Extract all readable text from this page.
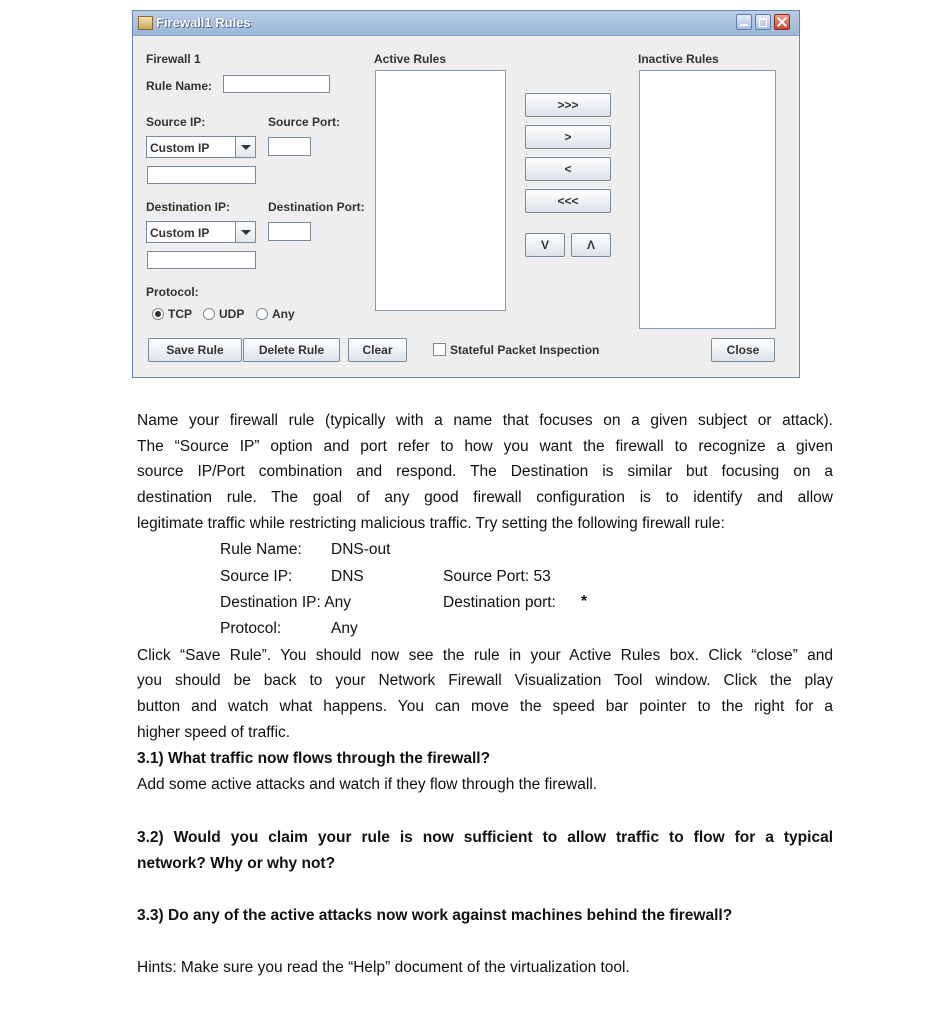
Firewall1 Rules
Firewall 1
Rule Name:
Source IP:	Source Port:
Custom IP
Destination IP:	Destination Port:
Custom IP
Protocol:
TCP UDP Any
Active Rules
>>>
>
<
<<<
V	Λ
Inactive Rules
Save Rule	Delete Rule	Clear	Stateful Packet Inspection	Close
Name your firewall rule (typically with a name that focuses on a given subject or attack).
The “Source IP” option and port refer to how you want the firewall to recognize a given
source IP/Port combination and respond. The Destination is similar but focusing on a
destination rule. The goal of any good firewall configuration is to identify and allow
legitimate traffic while restricting malicious traffic. Try setting the following firewall rule:
Rule Name: DNS-out
Source IP: DNS	Source Port: 53
Destination IP: Any	Destination port: *
Protocol:	Any
Click “Save Rule”. You should now see the rule in your Active Rules box. Click “close” and
you should be back to your Network Firewall Visualization Tool window. Click the play
button and watch what happens. You can move the speed bar pointer to the right for a
higher speed of traffic.
3.1) What traffic now flows through the firewall?
Add some active attacks and watch if they flow through the firewall.
3.2) Would you claim your rule is now sufficient to allow traffic to flow for a typical
network? Why or why not?
3.3) Do any of the active attacks now work against machines behind the firewall?
Hints: Make sure you read the “Help” document of the virtualization tool.
